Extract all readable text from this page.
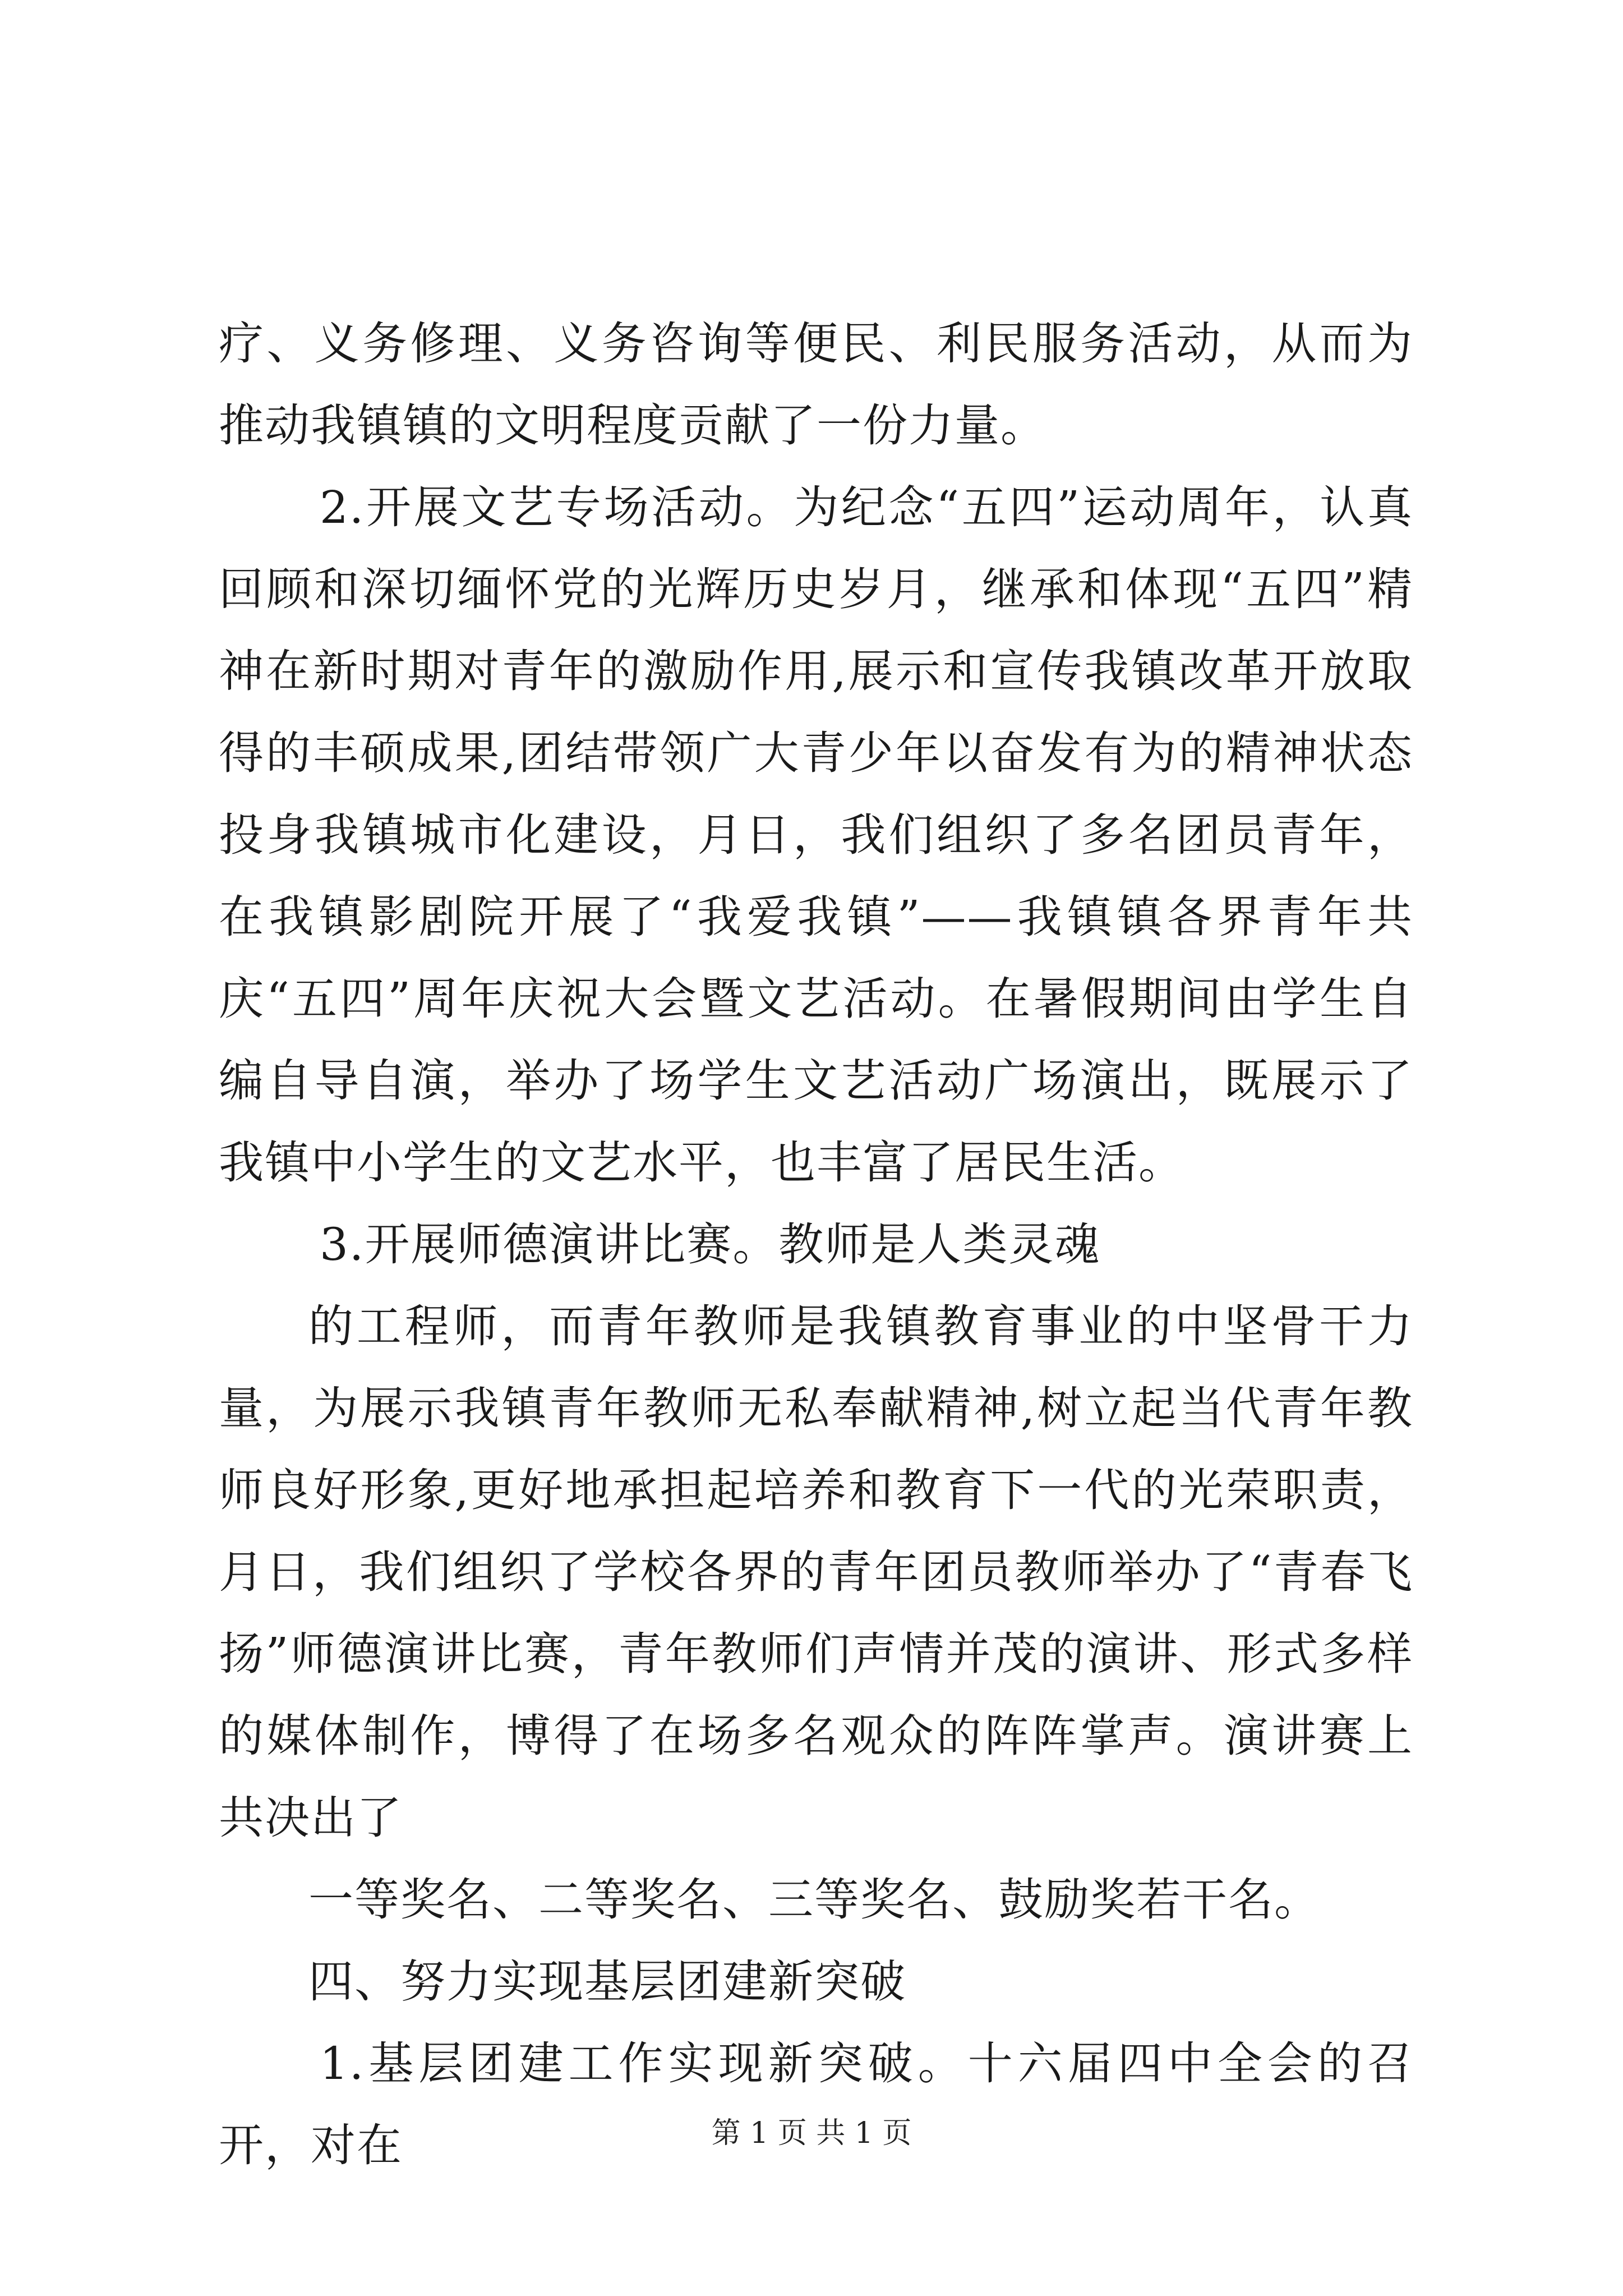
疗、义务修理、义务咨询等便民、利民服务活动，从而为推动我镇镇的文明程度贡献了一份力量。

2.开展文艺专场活动。为纪念“五四”运动周年，认真回顾和深切缅怀党的光辉历史岁月，继承和体现“五四”精神在新时期对青年的激励作用,展示和宣传我镇改革开放取得的丰硕成果,团结带领广大青少年以奋发有为的精神状态投身我镇城市化建设，月日，我们组织了多名团员青年，在我镇影剧院开展了“我爱我镇”——我镇镇各界青年共庆“五四”周年庆祝大会暨文艺活动。在暑假期间由学生自编自导自演，举办了场学生文艺活动广场演出，既展示了我镇中小学生的文艺水平，也丰富了居民生活。

3.开展师德演讲比赛。教师是人类灵魂

的工程师，而青年教师是我镇教育事业的中坚骨干力量，为展示我镇青年教师无私奉献精神,树立起当代青年教师良好形象,更好地承担起培养和教育下一代的光荣职责，月日，我们组织了学校各界的青年团员教师举办了“青春飞扬”师德演讲比赛，青年教师们声情并茂的演讲、形式多样的媒体制作，博得了在场多名观众的阵阵掌声。演讲赛上共决出了

一等奖名、二等奖名、三等奖名、鼓励奖若干名。

四、努力实现基层团建新突破

1.基层团建工作实现新突破。十六届四中全会的召开，对在	第 1 页 共 1 页
